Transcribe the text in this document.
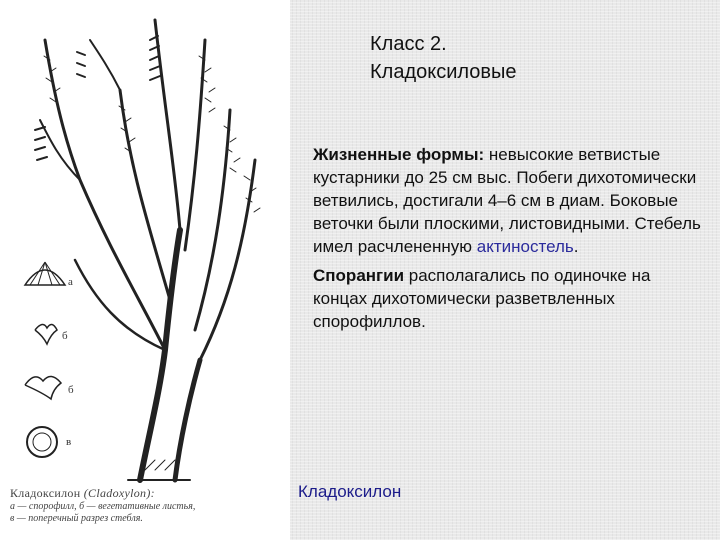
а
б
б
в
Кладоксилон (Cladoxylon):
а — спорофилл, б — вегетативные листья,
в — поперечный разрез стебля.
Класс 2.
Кладоксиловые

Жизненные формы: невысокие ветвистые кустарники до 25 см выс. Побеги дихотомически ветвились, достигали 4–6 см в диам. Боковые веточки были плоскими, листовидными. Стебель имел расчлененную актиностель.

Спорангии располагались по одиночке на концах дихотомически разветвленных спорофиллов.

Кладоксилон
